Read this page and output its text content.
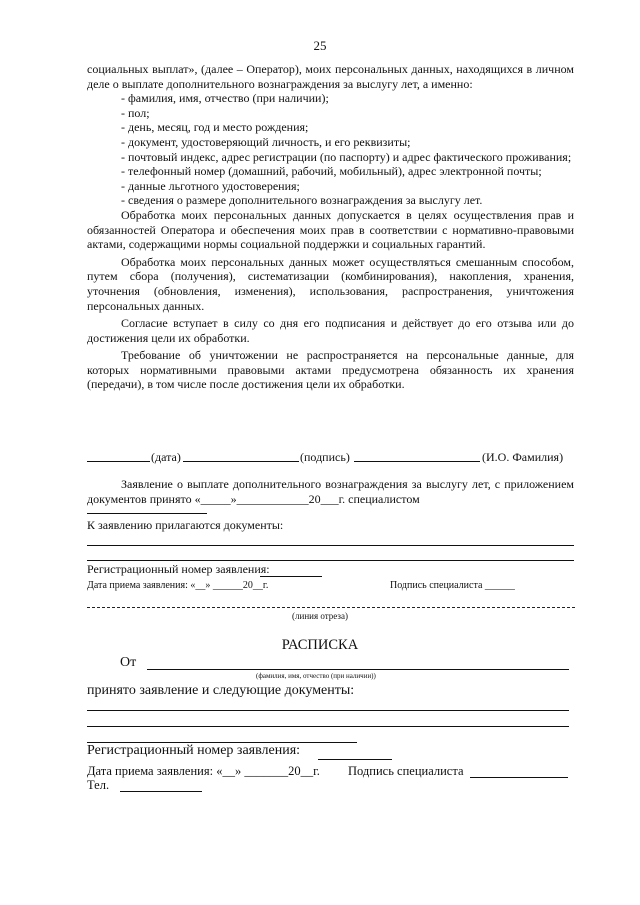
25

социальных выплат», (далее – Оператор), моих персональных данных, находящихся в личном деле о выплате дополнительного вознаграждения за выслугу лет, а именно:

- фамилия, имя, отчество (при наличии);

- пол;

- день, месяц, год и место рождения;

- документ, удостоверяющий личность, и его реквизиты;

- почтовый индекс, адрес регистрации (по паспорту) и адрес фактического проживания;

- телефонный номер (домашний, рабочий, мобильный), адрес электронной почты;

- данные льготного удостоверения;

- сведения о размере дополнительного вознаграждения за выслугу лет.

Обработка моих персональных данных допускается в целях осуществления прав и обязанностей Оператора и обеспечения моих прав в соответствии с нормативно-правовыми актами, содержащими нормы социальной поддержки и социальных гарантий.

Обработка моих персональных данных может осуществляться смешанным способом, путем сбора (получения), систематизации (комбинирования), накопления, хранения, уточнения (обновления, изменения), использования, распространения, уничтожения персональных данных.

Согласие вступает в силу со дня его подписания и действует до его отзыва или до достижения цели их обработки.

Требование об уничтожении не распространяется на персональные данные, для которых нормативными правовыми актами предусмотрена обязанность их хранения (передачи), в том числе после достижения цели их обработки.

(дата)	(подпись)	(И.О. Фамилия)
Заявление о выплате дополнительного вознаграждения за выслугу лет, с приложением документов принято «_____»____________20___г. специалистом
К заявлению прилагаются документы:
Регистрационный номер заявления:
Дата приема заявления: «__» ______20__г.	Подпись специалиста ______
(линия отреза)
РАСПИСКА
От
(фамилия, имя, отчество (при наличии))
принято заявление и следующие документы:
Регистрационный номер заявления:
Дата приема заявления: «__» _______20__г. Подпись специалиста
Тел.
